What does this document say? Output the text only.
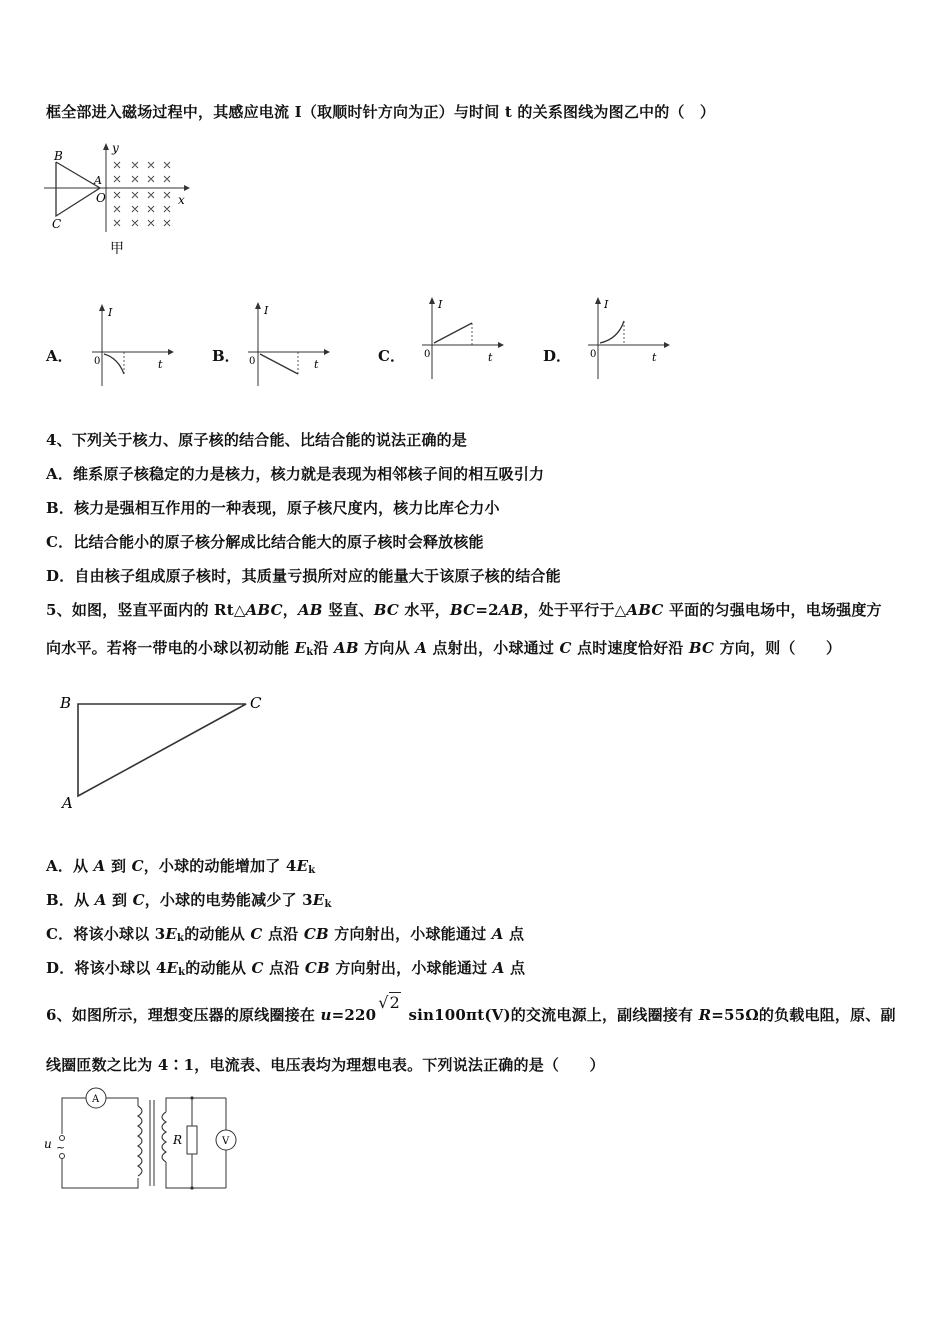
框全部进入磁场过程中，其感应电流 I（取顺时针方向为正）与时间 t 的关系图线为图乙中的（　）
B
C
A
O	x
y
甲
A．
I
0	t	B．
I
0	t	C．
I
0	t	D．
I
0	t
4、下列关于核力、原子核的结合能、比结合能的说法正确的是
A．维系原子核稳定的力是核力，核力就是表现为相邻核子间的相互吸引力
B．核力是强相互作用的一种表现，原子核尺度内，核力比库仑力小
C．比结合能小的原子核分解成比结合能大的原子核时会释放核能
D．自由核子组成原子核时，其质量亏损所对应的能量大于该原子核的结合能
5、如图，竖直平面内的 Rt△ABC，AB 竖直、BC 水平，BC=2AB，处于平行于△ABC 平面的匀强电场中，电场强度方
向水平。若将一带电的小球以初动能 $E_k$沿 AB 方向从 A 点射出，小球通过 C 点时速度恰好沿 BC 方向，则（　　）
B	C
A
A．从 A 到 C，小球的动能增加了 $4E_k$
B．从 A 到 C，小球的电势能减少了 $3E_k$
C．将该小球以 $3E_k$的动能从 C 点沿 CB 方向射出，小球能通过 A 点
D．将该小球以 $4E_k$的动能从 C 点沿 CB 方向射出，小球能通过 A 点
6、如图所示，理想变压器的原线圈接在 u=220√2 sin100πt(V)的交流电源上，副线圈接有 R=55Ω的负载电阻，原、副
线圈匝数之比为 4∶1，电流表、电压表均为理想电表。下列说法正确的是（　　）
A
u ~
R	V
